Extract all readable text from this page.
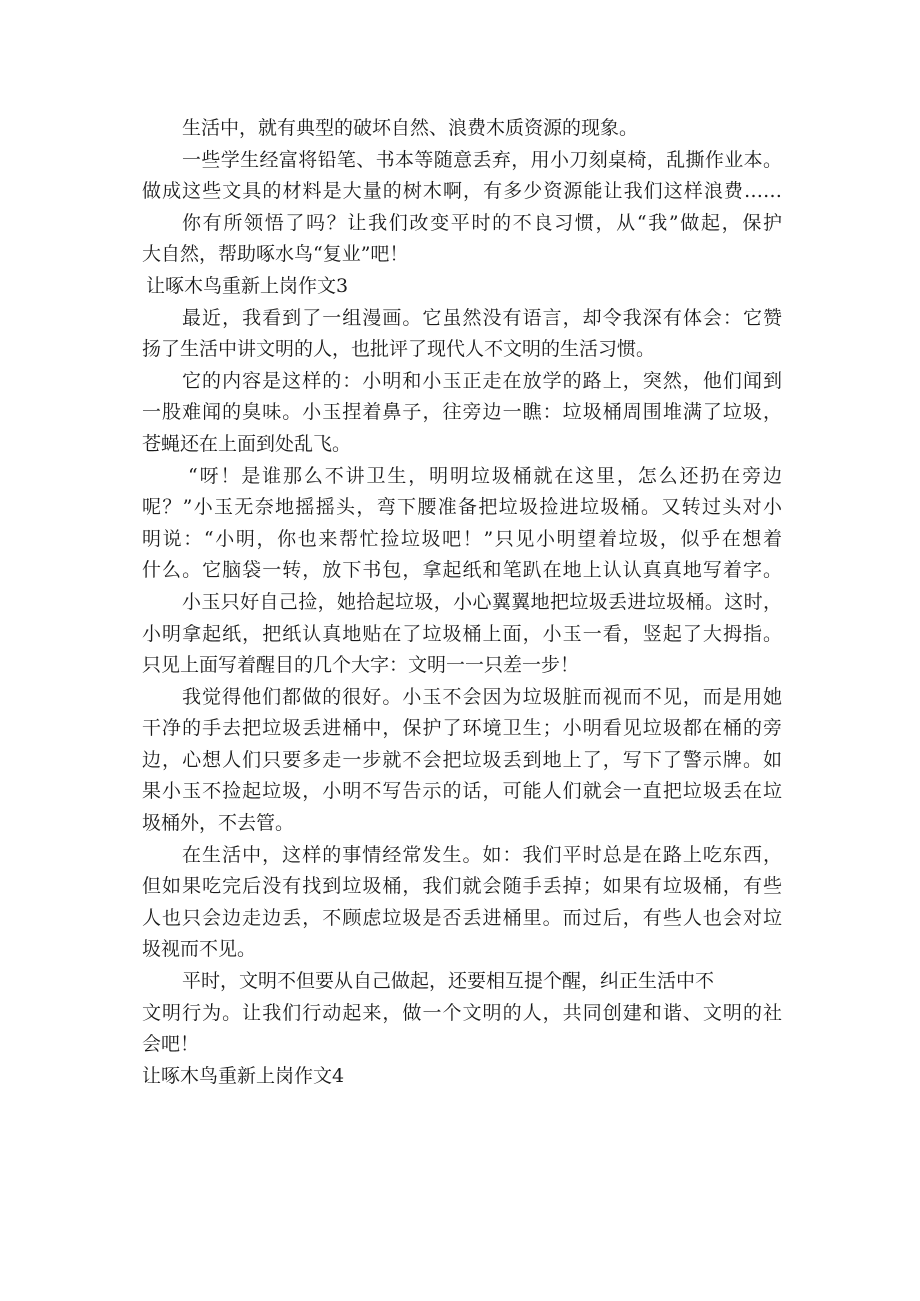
生活中，就有典型的破坏自然、浪费木质资源的现象。
一些学生经富将铅笔、书本等随意丢弃，用小刀刻桌椅，乱撕作业本。
做成这些文具的材料是大量的树木啊，有多少资源能让我们这样浪费……
你有所领悟了吗？让我们改变平时的不良习惯，从“我”做起，保护
大自然，帮助啄水鸟“复业”吧！
让啄木鸟重新上岗作文3
最近，我看到了一组漫画。它虽然没有语言，却令我深有体会：它赞
扬了生活中讲文明的人，也批评了现代人不文明的生活习惯。
它的内容是这样的：小明和小玉正走在放学的路上，突然，他们闻到
一股难闻的臭味。小玉捏着鼻子，往旁边一瞧：垃圾桶周围堆满了垃圾，
苍蝇还在上面到处乱飞。
“呀！是谁那么不讲卫生，明明垃圾桶就在这里，怎么还扔在旁边
呢？”小玉无奈地摇摇头，弯下腰准备把垃圾捡进垃圾桶。又转过头对小
明说：“小明，你也来帮忙捡垃圾吧！”只见小明望着垃圾，似乎在想着
什么。它脑袋一转，放下书包，拿起纸和笔趴在地上认认真真地写着字。
小玉只好自己捡，她拾起垃圾，小心翼翼地把垃圾丢进垃圾桶。这时，
小明拿起纸，把纸认真地贴在了垃圾桶上面，小玉一看，竖起了大拇指。
只见上面写着醒目的几个大字：文明一一只差一步！
我觉得他们都做的很好。小玉不会因为垃圾脏而视而不见，而是用她
干净的手去把垃圾丢进桶中，保护了环境卫生；小明看见垃圾都在桶的旁
边，心想人们只要多走一步就不会把垃圾丢到地上了，写下了警示牌。如
果小玉不捡起垃圾，小明不写告示的话，可能人们就会一直把垃圾丢在垃
圾桶外，不去管。
在生活中，这样的事情经常发生。如：我们平时总是在路上吃东西，
但如果吃完后没有找到垃圾桶，我们就会随手丢掉；如果有垃圾桶，有些
人也只会边走边丢，不顾虑垃圾是否丢进桶里。而过后，有些人也会对垃
圾视而不见。
平时，文明不但要从自己做起，还要相互提个醒，纠正生活中不
文明行为。让我们行动起来，做一个文明的人，共同创建和谐、文明的社
会吧！
让啄木鸟重新上岗作文4
